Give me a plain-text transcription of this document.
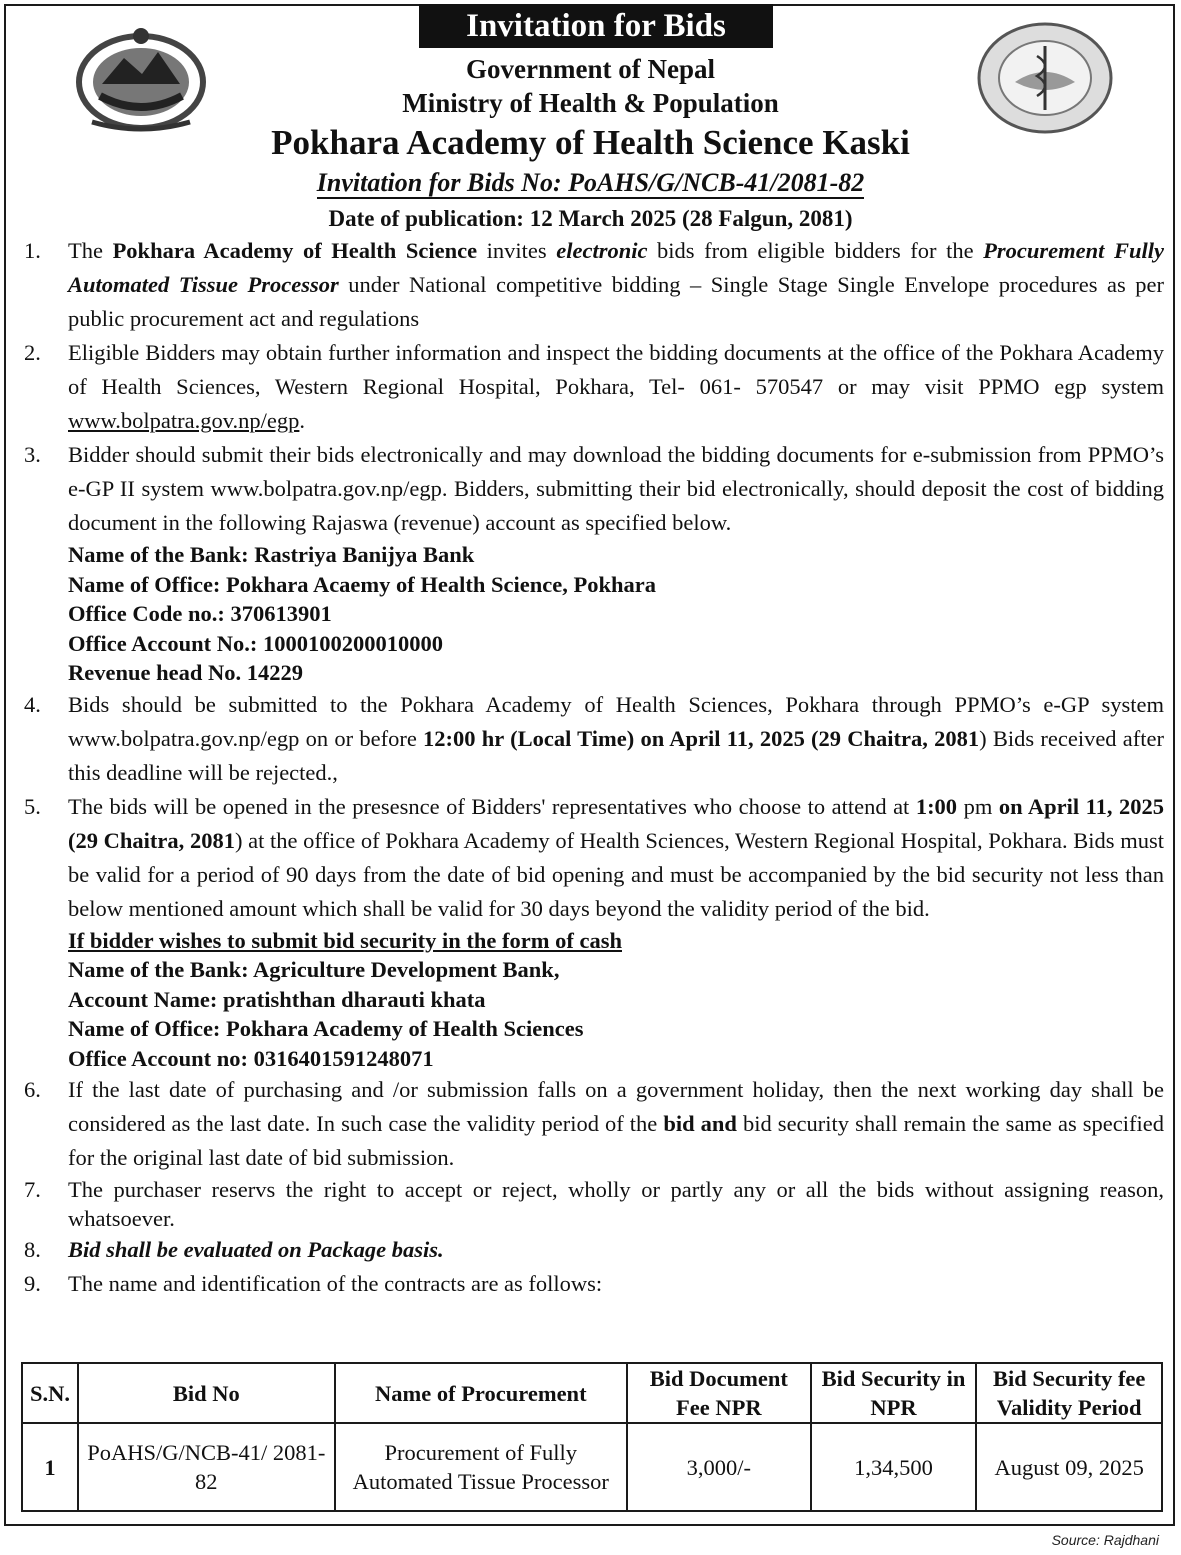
Invitation for Bids
Government of Nepal
Ministry of Health & Population
Pokhara Academy of Health Science Kaski
Invitation for Bids No: PoAHS/G/NCB-41/2081-82
Date of publication: 12 March 2025 (28 Falgun, 2081)
1.	The Pokhara Academy of Health Science invites electronic bids from eligible bidders for the Procurement Fully Automated Tissue Processor under National competitive bidding – Single Stage Single Envelope procedures as per public procurement act and regulations
2.	Eligible Bidders may obtain further information and inspect the bidding documents at the office of the Pokhara Academy of Health Sciences, Western Regional Hospital, Pokhara, Tel- 061- 570547 or may visit PPMO egp system www.bolpatra.gov.np/egp.
3.	Bidder should submit their bids electronically and may download the bidding documents for e-submission from PPMO’s e-GP II system www.bolpatra.gov.np/egp. Bidders, submitting their bid electronically, should deposit the cost of bidding document in the following Rajaswa (revenue) account as specified below.
Name of the Bank: Rastriya Banijya Bank
Name of Office: Pokhara Acaemy of Health Science, Pokhara
Office Code no.: 370613901
Office Account No.: 1000100200010000
Revenue head No. 14229
4.	Bids should be submitted to the Pokhara Academy of Health Sciences, Pokhara through PPMO’s e-GP system www.bolpatra.gov.np/egp on or before 12:00 hr (Local Time) on April 11, 2025 (29 Chaitra, 2081) Bids received after this deadline will be rejected.,
5.	The bids will be opened in the presesnce of Bidders' representatives who choose to attend at 1:00 pm on April 11, 2025 (29 Chaitra, 2081) at the office of Pokhara Academy of Health Sciences, Western Regional Hospital, Pokhara. Bids must be valid for a period of 90 days from the date of bid opening and must be accompanied by the bid security not less than below mentioned amount which shall be valid for 30 days beyond the validity period of the bid.
If bidder wishes to submit bid security in the form of cash
Name of the Bank: Agriculture Development Bank,
Account Name: pratishthan dharauti khata
Name of Office: Pokhara Academy of Health Sciences
Office Account no: 0316401591248071
6.	If the last date of purchasing and /or submission falls on a government holiday, then the next working day shall be considered as the last date. In such case the validity period of the bid and bid security shall remain the same as specified for the original last date of bid submission.
7.	The purchaser reservs the right to accept or reject, wholly or partly any or all the bids without assigning reason, whatsoever.
8.	Bid shall be evaluated on Package basis.
9.	The name and identification of the contracts are as follows:
S.N.	Bid No	Name of Procurement	Bid Document Fee NPR	Bid Security in NPR	Bid Security fee Validity Period
1	PoAHS/G/NCB-41/ 2081-82	Procurement of Fully Automated Tissue Processor	3,000/-	1,34,500	August 09, 2025
Source: Rajdhani
